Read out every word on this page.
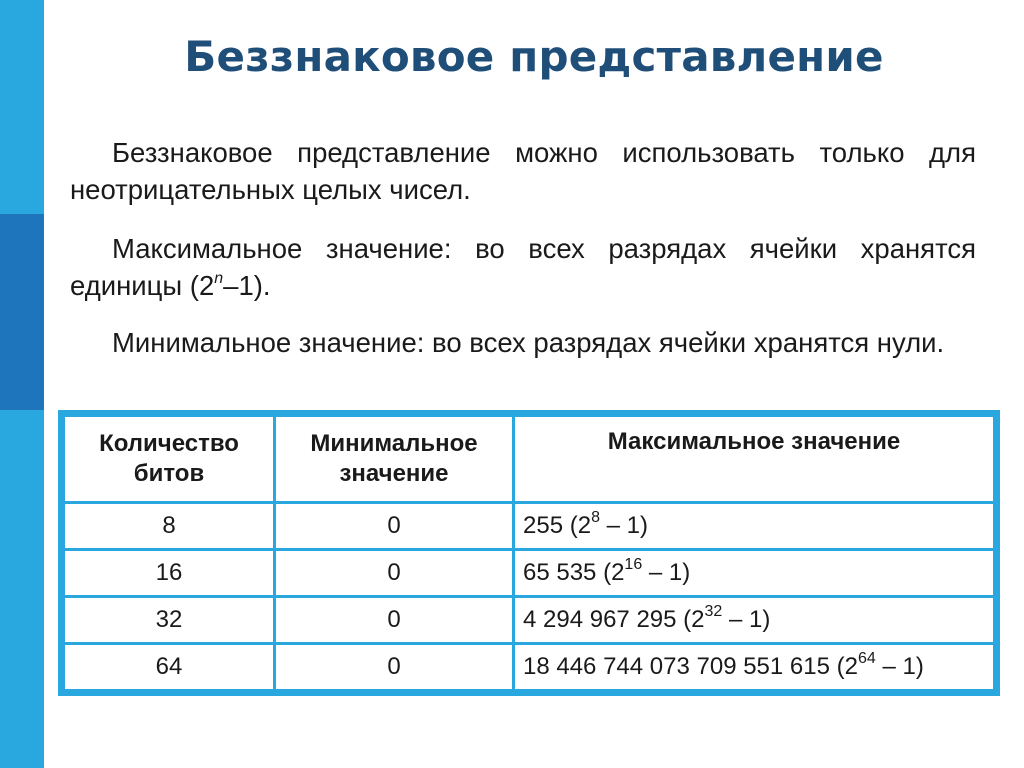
Беззнаковое представление

Беззнаковое представление можно использовать только для неотрицательных целых чисел.

Максимальное значение: во всех разрядах ячейки хранятся единицы (2$^n$–1).

Минимальное значение: во всех разрядах ячейки хранятся нули.

Количество битов	Минимальное значение	Максимальное значение
8	0	255 $(2^8 - 1)$
16	0	65 535 $(2^{16} - 1)$
32	0	4 294 967 295 $(2^{32} - 1)$
64	0	18 446 744 073 709 551 615 $(2^{64} - 1)$
